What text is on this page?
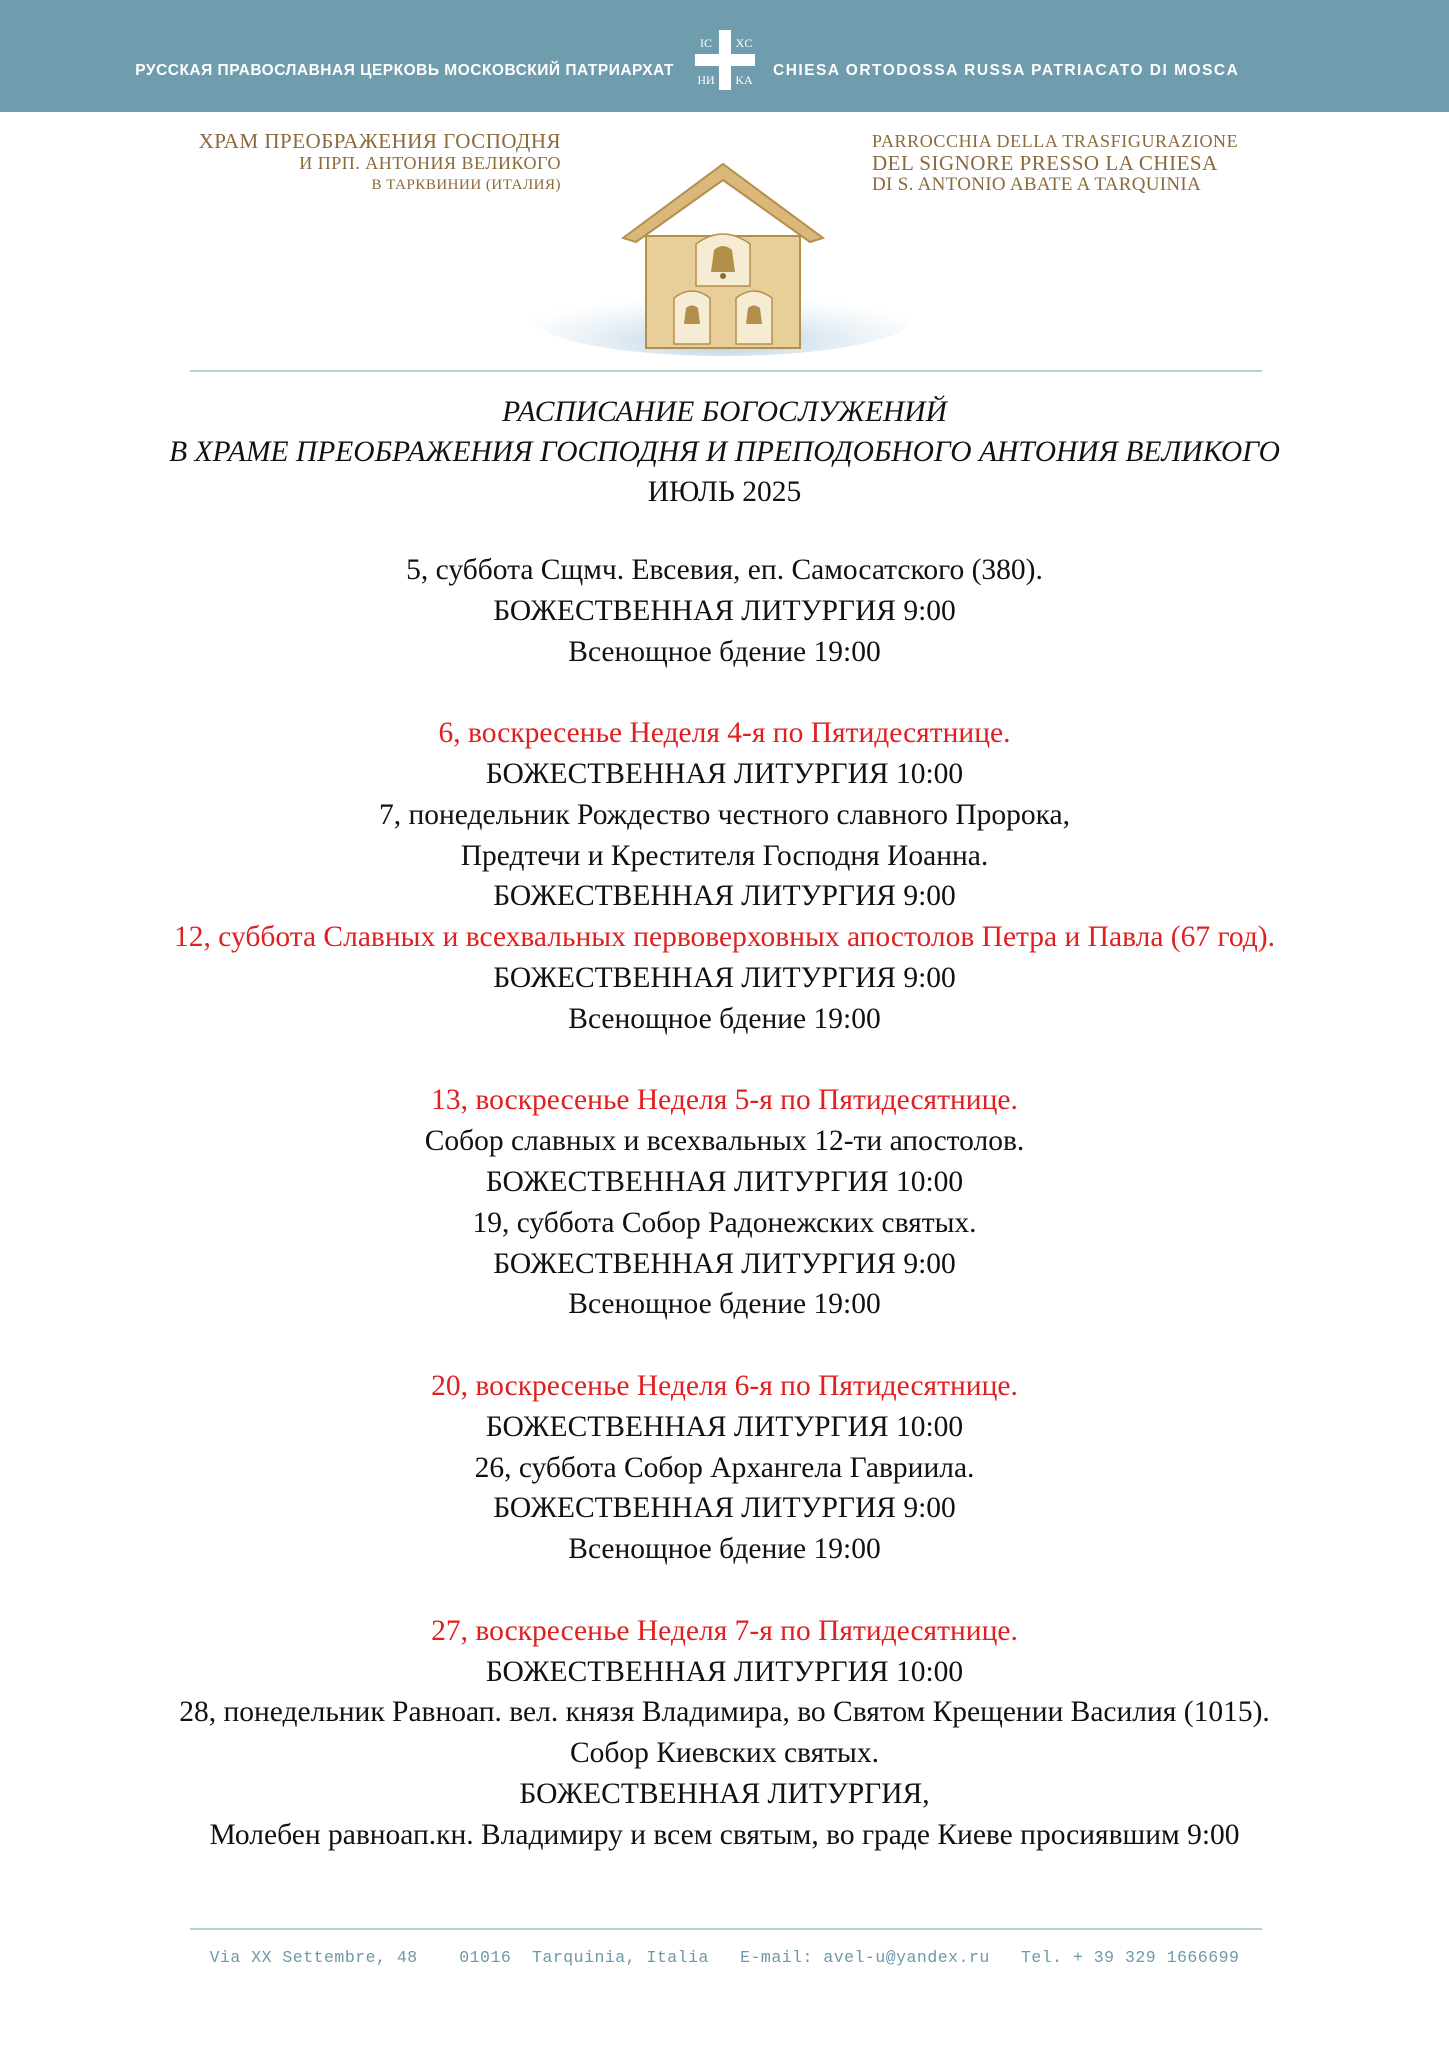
РУССКАЯ ПРАВОСЛАВНАЯ ЦЕРКОВЬ МОСКОВСКИЙ ПАТРИАРХАТ
IC XC
HИ KA
CHIESA ORTODOSSA RUSSA PATRIACATO DI MOSCA
ХРАМ ПРЕОБРАЖЕНИЯ ГОСПОДНЯ
И ПРП. АНТОНИЯ ВЕЛИКОГО
В ТАРКВИНИИ (ИТАЛИЯ)
PARROCCHIA DELLA TRASFIGURAZIONE
DEL SIGNORE PRESSO LA CHIESA
DI S. ANTONIO ABATE A TARQUINIA
РАСПИСАНИЕ БОГОСЛУЖЕНИЙ
В ХРАМЕ ПРЕОБРАЖЕНИЯ ГОСПОДНЯ И ПРЕПОДОБНОГО АНТОНИЯ ВЕЛИКОГО
ИЮЛЬ 2025
5, суббота Сщмч. Евсевия, еп. Самосатского (380).
БОЖЕСТВЕННАЯ ЛИТУРГИЯ 9:00
Всенощное бдение 19:00
6, воскресенье Неделя 4-я по Пятидесятнице.
БОЖЕСТВЕННАЯ ЛИТУРГИЯ 10:00
7, понедельник Рождество честного славного Пророка,
Предтечи и Крестителя Господня Иоанна.
БОЖЕСТВЕННАЯ ЛИТУРГИЯ 9:00
12, суббота Славных и всехвальных первоверховных апостолов Петра и Павла (67 год).
БОЖЕСТВЕННАЯ ЛИТУРГИЯ 9:00
Всенощное бдение 19:00
13, воскресенье Неделя 5-я по Пятидесятнице.
Собор славных и всехвальных 12-ти апостолов.
БОЖЕСТВЕННАЯ ЛИТУРГИЯ 10:00
19, суббота Собор Радонежских святых.
БОЖЕСТВЕННАЯ ЛИТУРГИЯ 9:00
Всенощное бдение 19:00
20, воскресенье Неделя 6-я по Пятидесятнице.
БОЖЕСТВЕННАЯ ЛИТУРГИЯ 10:00
26, суббота Собор Архангела Гавриила.
БОЖЕСТВЕННАЯ ЛИТУРГИЯ 9:00
Всенощное бдение 19:00
27, воскресенье Неделя 7-я по Пятидесятнице.
БОЖЕСТВЕННАЯ ЛИТУРГИЯ 10:00
28, понедельник Равноап. вел. князя Владимира, во Святом Крещении Василия (1015).
Собор Киевских святых.
БОЖЕСТВЕННАЯ ЛИТУРГИЯ,
Молебен равноап.кн. Владимиру и всем святым, во граде Киеве просиявшим 9:00
Via XX Settembre, 48	01016  Tarquinia, Italia E-mail: avel-u@yandex.ru Tel. + 39 329 1666699
